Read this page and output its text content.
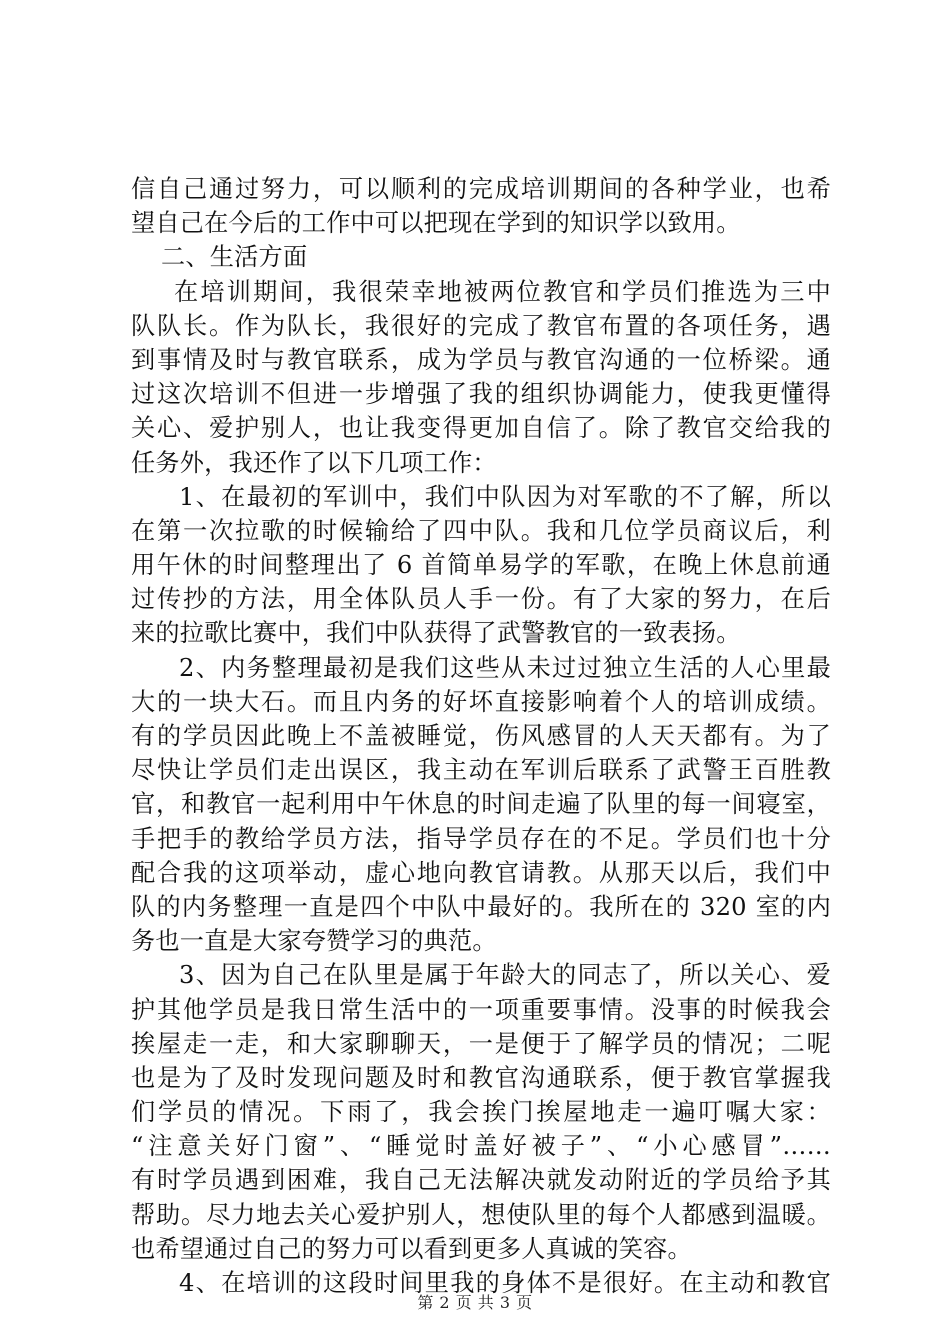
信自己通过努力，可以顺利的完成培训期间的各种学业，也希
望自己在今后的工作中可以把现在学到的知识学以致用。
二、生活方面
在培训期间，我很荣幸地被两位教官和学员们推选为三中
队队长。作为队长，我很好的完成了教官布置的各项任务，遇
到事情及时与教官联系，成为学员与教官沟通的一位桥梁。通
过这次培训不但进一步增强了我的组织协调能力，使我更懂得
关心、爱护别人，也让我变得更加自信了。除了教官交给我的
任务外，我还作了以下几项工作：
1、在最初的军训中，我们中队因为对军歌的不了解，所以
在第一次拉歌的时候输给了四中队。我和几位学员商议后，利
用午休的时间整理出了 6 首简单易学的军歌，在晚上休息前通
过传抄的方法，用全体队员人手一份。有了大家的努力，在后
来的拉歌比赛中，我们中队获得了武警教官的一致表扬。
2、内务整理最初是我们这些从未过过独立生活的人心里最
大的一块大石。而且内务的好坏直接影响着个人的培训成绩。
有的学员因此晚上不盖被睡觉，伤风感冒的人天天都有。为了
尽快让学员们走出误区，我主动在军训后联系了武警王百胜教
官，和教官一起利用中午休息的时间走遍了队里的每一间寝室，
手把手的教给学员方法，指导学员存在的不足。学员们也十分
配合我的这项举动，虚心地向教官请教。从那天以后，我们中
队的内务整理一直是四个中队中最好的。我所在的 320 室的内
务也一直是大家夸赞学习的典范。
3、因为自己在队里是属于年龄大的同志了，所以关心、爱
护其他学员是我日常生活中的一项重要事情。没事的时候我会
挨屋走一走，和大家聊聊天，一是便于了解学员的情况；二呢
也是为了及时发现问题及时和教官沟通联系，便于教官掌握我
们学员的情况。下雨了，我会挨门挨屋地走一遍叮嘱大家：
“注意关好门窗”、“睡觉时盖好被子”、“小心感冒”……
有时学员遇到困难，我自己无法解决就发动附近的学员给予其
帮助。尽力地去关心爱护别人，想使队里的每个人都感到温暖。
也希望通过自己的努力可以看到更多人真诚的笑容。
4、在培训的这段时间里我的身体不是很好。在主动和教官
第 2 页 共 3 页
